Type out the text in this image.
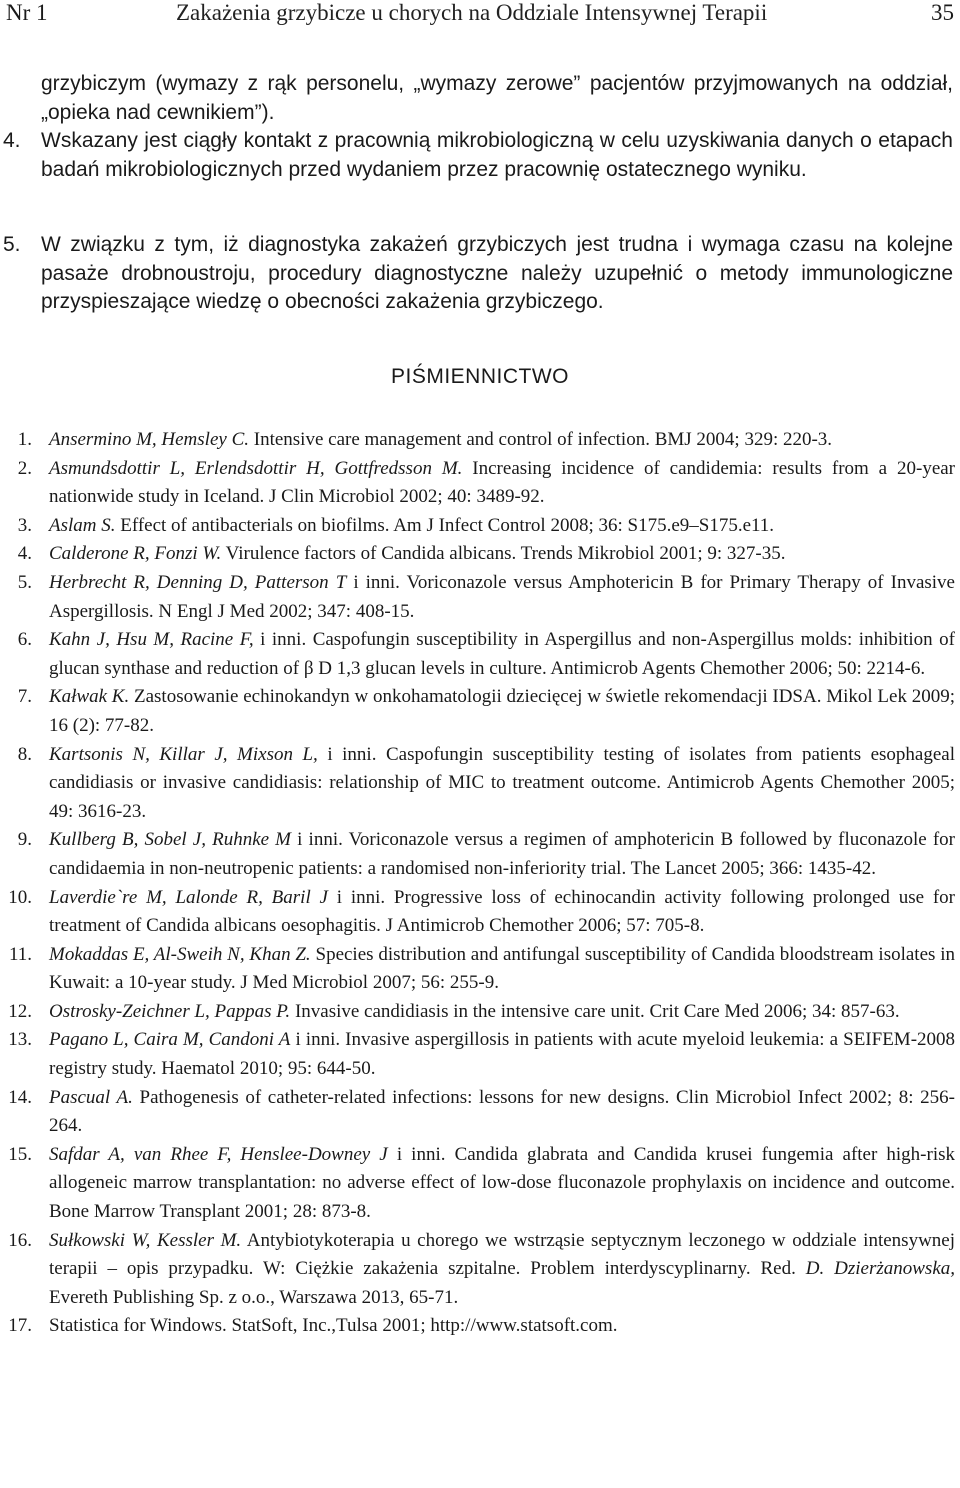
Nr 1	Zakażenia grzybicze u chorych na Oddziale Intensywnej Terapii	35
grzybiczym (wymazy z rąk personelu, „wymazy zerowe” pacjentów przyjmowanych na oddział, „opieka nad cewnikiem”).
4. Wskazany jest ciągły kontakt z pracownią mikrobiologiczną w celu uzyskiwania danych o etapach badań mikrobiologicznych przed wydaniem przez pracownię ostatecznego wyniku.
5. W związku z tym, iż diagnostyka zakażeń grzybiczych jest trudna i wymaga czasu na kolejne pasaże drobnoustroju, procedury diagnostyczne należy uzupełnić o metody immunologiczne przyspieszające wiedzę o obecności zakażenia grzybiczego.
PIŚMIENNICTWO
1. Ansermino M, Hemsley C. Intensive care management and control of infection. BMJ 2004; 329: 220-3.
2. Asmundsdottir L, Erlendsdottir H, Gottfredsson M. Increasing incidence of candidemia: results from a 20-year nationwide study in Iceland. J Clin Microbiol 2002; 40: 3489-92.
3. Aslam S. Effect of antibacterials on biofilms. Am J Infect Control 2008; 36: S175.e9–S175.e11.
4. Calderone R, Fonzi W. Virulence factors of Candida albicans. Trends Mikrobiol 2001; 9: 327-35.
5. Herbrecht R, Denning D, Patterson T i inni. Voriconazole versus Amphotericin B for Primary Therapy of Invasive Aspergillosis. N Engl J Med 2002; 347: 408-15.
6. Kahn J, Hsu M, Racine F, i inni. Caspofungin susceptibility in Aspergillus and non-Aspergillus molds: inhibition of glucan synthase and reduction of β D 1,3 glucan levels in culture. Antimicrob Agents Chemother 2006; 50: 2214-6.
7. Kałwak K. Zastosowanie echinokandyn w onkohamatologii dziecięcej w świetle rekomendacji IDSA. Mikol Lek 2009; 16 (2): 77-82.
8. Kartsonis N, Killar J, Mixson L, i inni. Caspofungin susceptibility testing of isolates from patients esophageal candidiasis or invasive candidiasis: relationship of MIC to treatment outcome. Antimicrob Agents Chemother 2005; 49: 3616-23.
9. Kullberg B, Sobel J, Ruhnke M i inni. Voriconazole versus a regimen of amphotericin B followed by fluconazole for candidaemia in non-neutropenic patients: a randomised non-inferiority trial. The Lancet 2005; 366: 1435-42.
10. Laverdie`re M, Lalonde R, Baril J i inni. Progressive loss of echinocandin activity following prolonged use for treatment of Candida albicans oesophagitis. J Antimicrob Chemother 2006; 57: 705-8.
11. Mokaddas E, Al-Sweih N, Khan Z. Species distribution and antifungal susceptibility of Candida bloodstream isolates in Kuwait: a 10-year study. J Med Microbiol 2007; 56: 255-9.
12. Ostrosky-Zeichner L, Pappas P. Invasive candidiasis in the intensive care unit. Crit Care Med 2006; 34: 857-63.
13. Pagano L, Caira M, Candoni A i inni. Invasive aspergillosis in patients with acute myeloid leukemia: a SEIFEM-2008 registry study. Haematol 2010; 95: 644-50.
14. Pascual A. Pathogenesis of catheter-related infections: lessons for new designs. Clin Microbiol Infect 2002; 8: 256-264.
15. Safdar A, van Rhee F, Henslee-Downey J i inni. Candida glabrata and Candida krusei fungemia after high-risk allogeneic marrow transplantation: no adverse effect of low-dose fluconazole prophylaxis on incidence and outcome. Bone Marrow Transplant 2001; 28: 873-8.
16. Sułkowski W, Kessler M. Antybiotykoterapia u chorego we wstrząsie septycznym leczonego w oddziale intensywnej terapii – opis przypadku. W: Ciężkie zakażenia szpitalne. Problem interdyscyplinarny. Red. D. Dzierżanowska, Evereth Publishing Sp. z o.o., Warszawa 2013, 65-71.
17. Statistica for Windows. StatSoft, Inc.,Tulsa 2001; http://www.statsoft.com.
